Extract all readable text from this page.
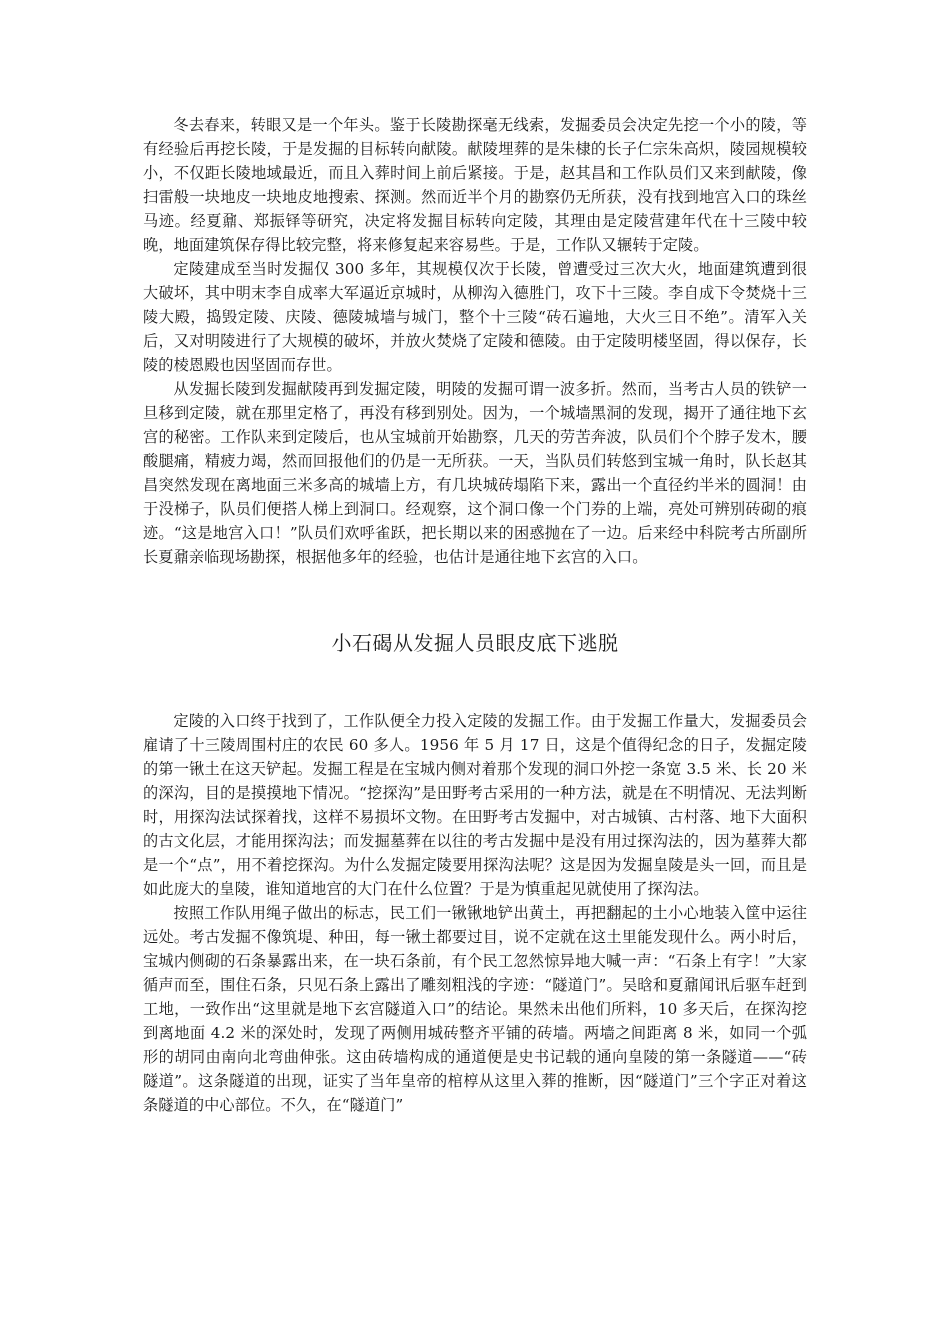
冬去春来，转眼又是一个年头。鉴于长陵勘探毫无线索，发掘委员会决定先挖一个小的陵，等有经验后再挖长陵，于是发掘的目标转向献陵。献陵埋葬的是朱棣的长子仁宗朱高炽，陵园规模较小，不仅距长陵地域最近，而且入葬时间上前后紧接。于是，赵其昌和工作队员们又来到献陵，像扫雷般一块地皮一块地皮地搜索、探测。然而近半个月的勘察仍无所获，没有找到地宫入口的珠丝马迹。经夏鼐、郑振铎等研究，决定将发掘目标转向定陵，其理由是定陵营建年代在十三陵中较晚，地面建筑保存得比较完整，将来修复起来容易些。于是，工作队又辗转于定陵。

定陵建成至当时发掘仅 300 多年，其规模仅次于长陵，曾遭受过三次大火，地面建筑遭到很大破坏，其中明末李自成率大军逼近京城时，从柳沟入德胜门，攻下十三陵。李自成下令焚烧十三陵大殿，捣毁定陵、庆陵、德陵城墙与城门，整个十三陵“砖石遍地，大火三日不绝”。清军入关后，又对明陵进行了大规模的破坏，并放火焚烧了定陵和德陵。由于定陵明楼坚固，得以保存，长陵的棱恩殿也因坚固而存世。

从发掘长陵到发掘献陵再到发掘定陵，明陵的发掘可谓一波多折。然而，当考古人员的铁铲一旦移到定陵，就在那里定格了，再没有移到别处。因为，一个城墙黑洞的发现，揭开了通往地下玄宫的秘密。工作队来到定陵后，也从宝城前开始勘察，几天的劳苦奔波，队员们个个脖子发木，腰酸腿痛，精疲力竭，然而回报他们的仍是一无所获。一天，当队员们转悠到宝城一角时，队长赵其昌突然发现在离地面三米多高的城墙上方，有几块城砖塌陷下来，露出一个直径约半米的圆洞！由于没梯子，队员们便搭人梯上到洞口。经观察，这个洞口像一个门券的上端，亮处可辨别砖砌的痕迹。“这是地宫入口！”队员们欢呼雀跃，把长期以来的困惑抛在了一边。后来经中科院考古所副所长夏鼐亲临现场勘探，根据他多年的经验，也估计是通往地下玄宫的入口。

小石碣从发掘人员眼皮底下逃脱

定陵的入口终于找到了，工作队便全力投入定陵的发掘工作。由于发掘工作量大，发掘委员会雇请了十三陵周围村庄的农民 60 多人。1956 年 5 月 17 日，这是个值得纪念的日子，发掘定陵的第一锹土在这天铲起。发掘工程是在宝城内侧对着那个发现的洞口外挖一条宽 3.5 米、长 20 米的深沟，目的是摸摸地下情况。“挖探沟”是田野考古采用的一种方法，就是在不明情况、无法判断时，用探沟法试探着找，这样不易损坏文物。在田野考古发掘中，对古城镇、古村落、地下大面积的古文化层，才能用探沟法；而发掘墓葬在以往的考古发掘中是没有用过探沟法的，因为墓葬大都是一个“点”，用不着挖探沟。为什么发掘定陵要用探沟法呢？这是因为发掘皇陵是头一回，而且是如此庞大的皇陵，谁知道地宫的大门在什么位置？于是为慎重起见就使用了探沟法。

按照工作队用绳子做出的标志，民工们一锹锹地铲出黄土，再把翻起的土小心地装入筐中运往远处。考古发掘不像筑堤、种田，每一锹土都要过目，说不定就在这土里能发现什么。两小时后，宝城内侧砌的石条暴露出来，在一块石条前，有个民工忽然惊异地大喊一声：“石条上有字！”大家循声而至，围住石条，只见石条上露出了雕刻粗浅的字迹：“隧道门”。吴晗和夏鼐闻讯后驱车赶到工地，一致作出“这里就是地下玄宫隧道入口”的结论。果然未出他们所料，10 多天后，在探沟挖到离地面 4.2 米的深处时，发现了两侧用城砖整齐平铺的砖墙。两墙之间距离 8 米，如同一个弧形的胡同由南向北弯曲伸张。这由砖墙构成的通道便是史书记载的通向皇陵的第一条隧道——“砖隧道”。这条隧道的出现，证实了当年皇帝的棺椁从这里入葬的推断，因“隧道门”三个字正对着这条隧道的中心部位。不久，在“隧道门”
